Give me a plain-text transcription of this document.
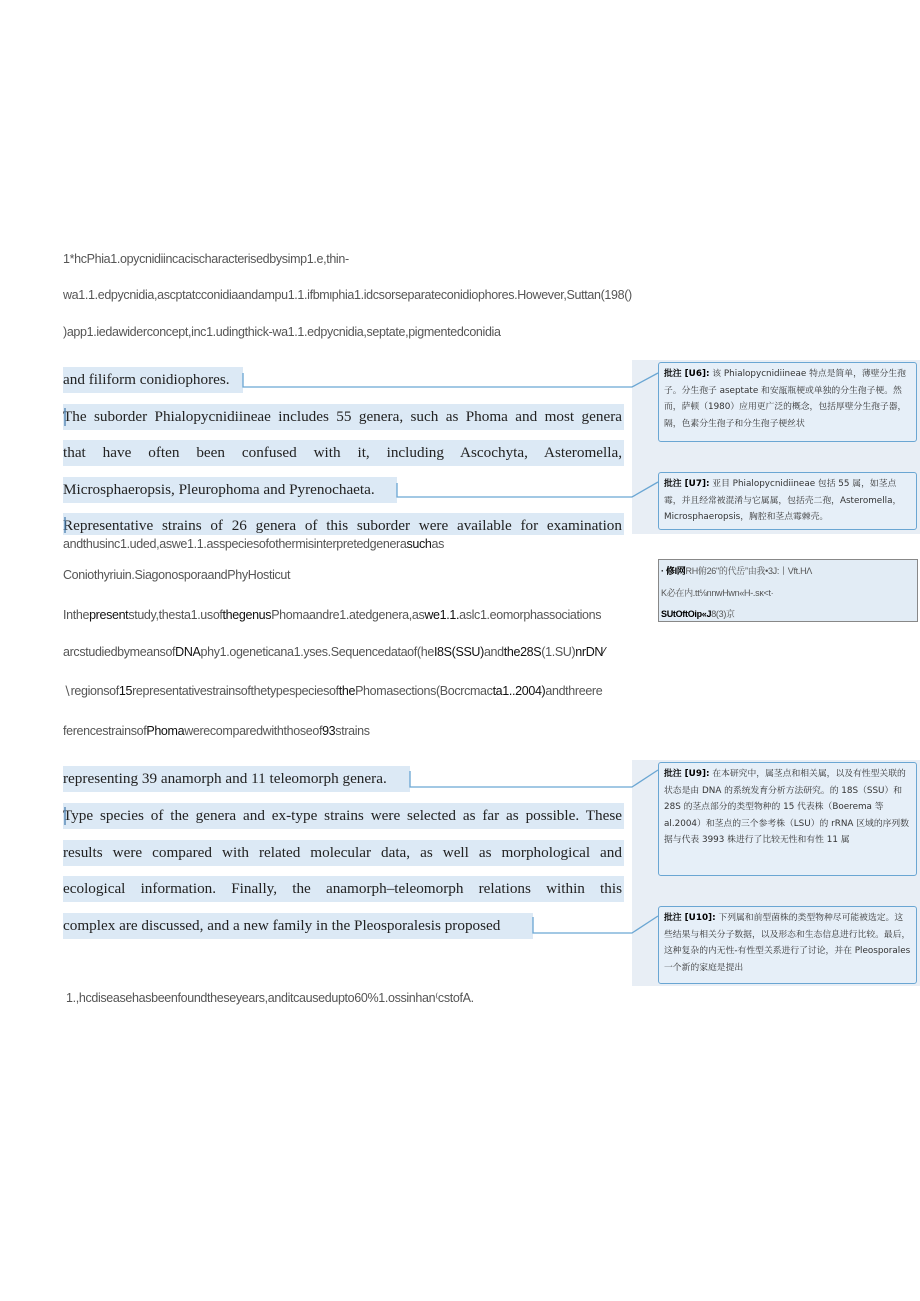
1*hcPhia1.opycnidiincacischaracterisedbysimp1.e,thin-
wa1.1.edpycnidia,ascptatcconidiaandampu1.1.ifbmιphia1.idcsorseparateconidiophores.However,Suttan(198()
)app1.iedawiderconcept,inc1.udingthick-wa1.1.edpycnidia,septate,pigmentedconidia
and filiform conidiophores.
The suborder Phialopycnidiineae includes 55 genera, such as Phoma and most genera
that have often been confused with it, including Ascochyta, Asteromella,
Microsphaeropsis, Pleurophoma and Pyrenochaeta.
Representative strains of 26 genera of this suborder were available for examination
批注 [U6]: 该 Phialopycnidiineae 特点是简单，薄壁分生孢子。分生孢子 aseptate 和安瓿瓶梗或单独的分生孢子梗。然而，萨顿（1980）应用更广泛的概念，包括厚壁分生孢子器，隔，色素分生孢子和分生孢子梗丝状
批注 [U7]: 亚目 Phialopycnidiineae 包括 55 属，如茎点霉，并且经常被混淆与它属属，包括壳二孢，Asteromella，Microsphaeropsis，胸腔和茎点霉棘壳。
andthusinc1.uded,aswe1.1.asspeciesofothermisinterpretedgenerasuchas
Coniothyriuin.SiagonosporaandPhyHosticut	· 修I网RH俯26"的代岳”由我•3J:丨Vft.HΛ
K必在内.tt⅛nnwHwn«H-.sκ<t·
SUtOftOip«J8(3)京
Inthepresentstudy,thesta1.usofthegenusPhomaandre1.atedgenera,aswe1.1.aslc1.eomorphassociations
arcstudiedbymeansofDNAphy1.ogeneticana1.yses.Sequencedataof(heI8S(SSU)andthe28S(1.SU)nrDN⁄
∖regionsof15representativestrainsofthetypespeciesofthePhomasections(Bocrcmacta1..2004)andthreere
ferencestrainsofPhomawerecomparedwiththoseof93strains
representing 39 anamorph and 11 teleomorph genera.
Type species of the genera and ex-type strains were selected as far as possible. These
results were compared with related molecular data, as well as morphological and
ecological information. Finally, the anamorph–teleomorph relations within this
complex are discussed, and a new family in the Pleosporalesis proposed
批注 [U9]: 在本研究中，属茎点和相关属，以及有性型关联的状态是由 DNA 的系统发育分析方法研究。的 18S（SSU）和 28S 的茎点部分的类型物种的 15 代表株（Boerema 等 al.2004）和茎点的三个参考株（LSU）的 rRNA 区域的序列数据与代表 3993 株进行了比较无性和有性 11 属
批注 [U10]: 下列属和前型菌株的类型物种尽可能被选定。这些结果与相关分子数据，以及形态和生态信息进行比较。最后，这种复杂的内无性-有性型关系进行了讨论，并在 Pleosporales 一个新的家庭是提出
1.,hcdiseasehasbeenfoundtheseyears,anditcausedupto60%1.ossinhan⁽cstofA.
